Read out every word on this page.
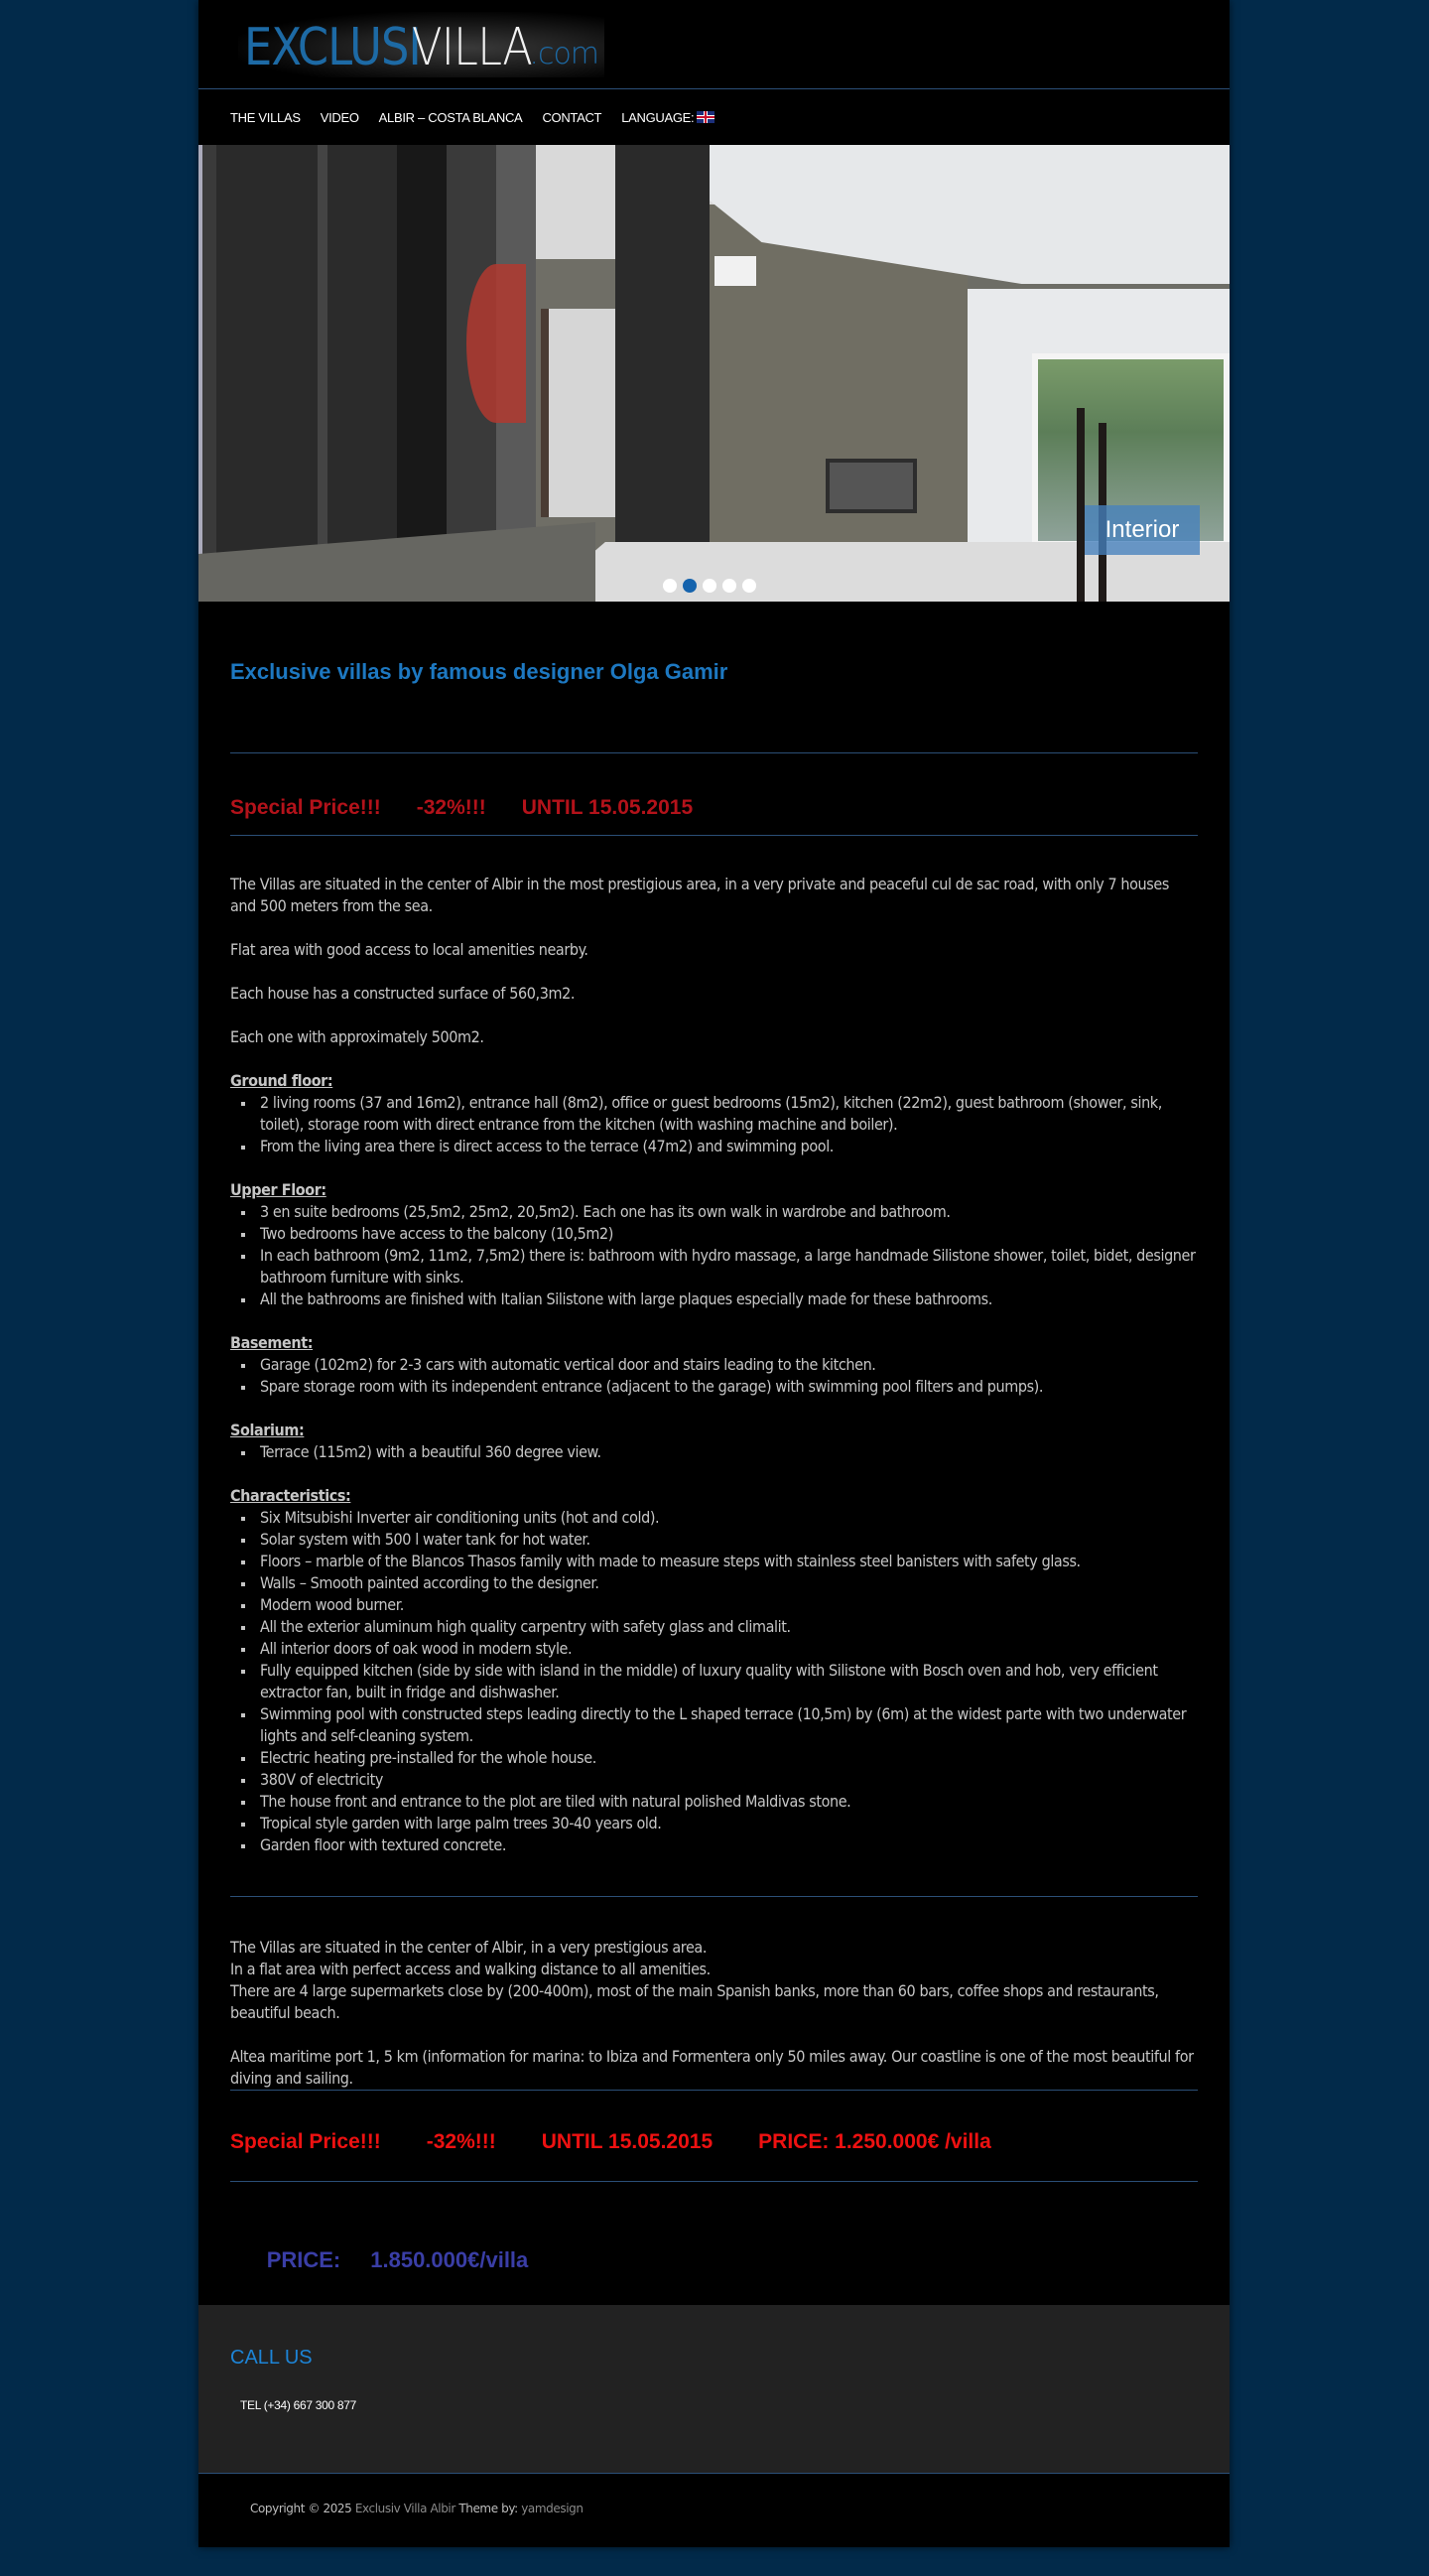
EXCLUSI
VILLA
.com
THE VILLAS VIDEO ALBIR – COSTA BLANCA CONTACT LANGUAGE:
Interior
Exclusive villas by famous designer Olga Gamir
Special Price!!! -32%!!! UNTIL 15.05.2015

The Villas are situated in the center of Albir in the most prestigious area, in a very private and peaceful cul de sac road, with only 7 houses and 500 meters from the sea.

Flat area with good access to local amenities nearby.

Each house has a constructed surface of 560,3m2.

Each one with approximately 500m2.

Ground floor:
2 living rooms (37 and 16m2), entrance hall (8m2), office or guest bedrooms (15m2), kitchen (22m2), guest bathroom (shower, sink, toilet), storage room with direct entrance from the kitchen (with washing machine and boiler).
From the living area there is direct access to the terrace (47m2) and swimming pool.
Upper Floor:
3 en suite bedrooms (25,5m2, 25m2, 20,5m2). Each one has its own walk in wardrobe and bathroom.
Two bedrooms have access to the balcony (10,5m2)
In each bathroom (9m2, 11m2, 7,5m2) there is: bathroom with hydro massage, a large handmade Silistone shower, toilet, bidet, designer bathroom furniture with sinks.
All the bathrooms are finished with Italian Silistone with large plaques especially made for these bathrooms.
Basement:
Garage (102m2) for 2-3 cars with automatic vertical door and stairs leading to the kitchen.
Spare storage room with its independent entrance (adjacent to the garage) with swimming pool filters and pumps).
Solarium:
Terrace (115m2) with a beautiful 360 degree view.
Characteristics:
Six Mitsubishi Inverter air conditioning units (hot and cold).
Solar system with 500 l water tank for hot water.
Floors – marble of the Blancos Thasos family with made to measure steps with stainless steel banisters with safety glass.
Walls – Smooth painted according to the designer.
Modern wood burner.
All the exterior aluminum high quality carpentry with safety glass and climalit.
All interior doors of oak wood in modern style.
Fully equipped kitchen (side by side with island in the middle) of luxury quality with Silistone with Bosch oven and hob, very efficient extractor fan, built in fridge and dishwasher.
Swimming pool with constructed steps leading directly to the L shaped terrace (10,5m) by (6m) at the widest parte with two underwater lights and self-cleaning system.
Electric heating pre-installed for the whole house.
380V of electricity
The house front and entrance to the plot are tiled with natural polished Maldivas stone.
Tropical style garden with large palm trees 30-40 years old.
Garden floor with textured concrete.

The Villas are situated in the center of Albir, in a very prestigious area.

In a flat area with perfect access and walking distance to all amenities.

There are 4 large supermarkets close by (200-400m), most of the main Spanish banks, more than 60 bars, coffee shops and restaurants, beautiful beach.

Altea maritime port 1, 5 km (information for marina: to Ibiza and Formentera only 50 miles away. Our coastline is one of the most beautiful for diving and sailing.

Special Price!!! -32%!!! UNTIL 15.05.2015 PRICE: 1.250.000€ /villa

PRICE: 1.850.000€/villa

CALL US
TEL (+34) 667 300 877
Copyright © 2025 Exclusiv Villa Albir Theme by: yamdesign
